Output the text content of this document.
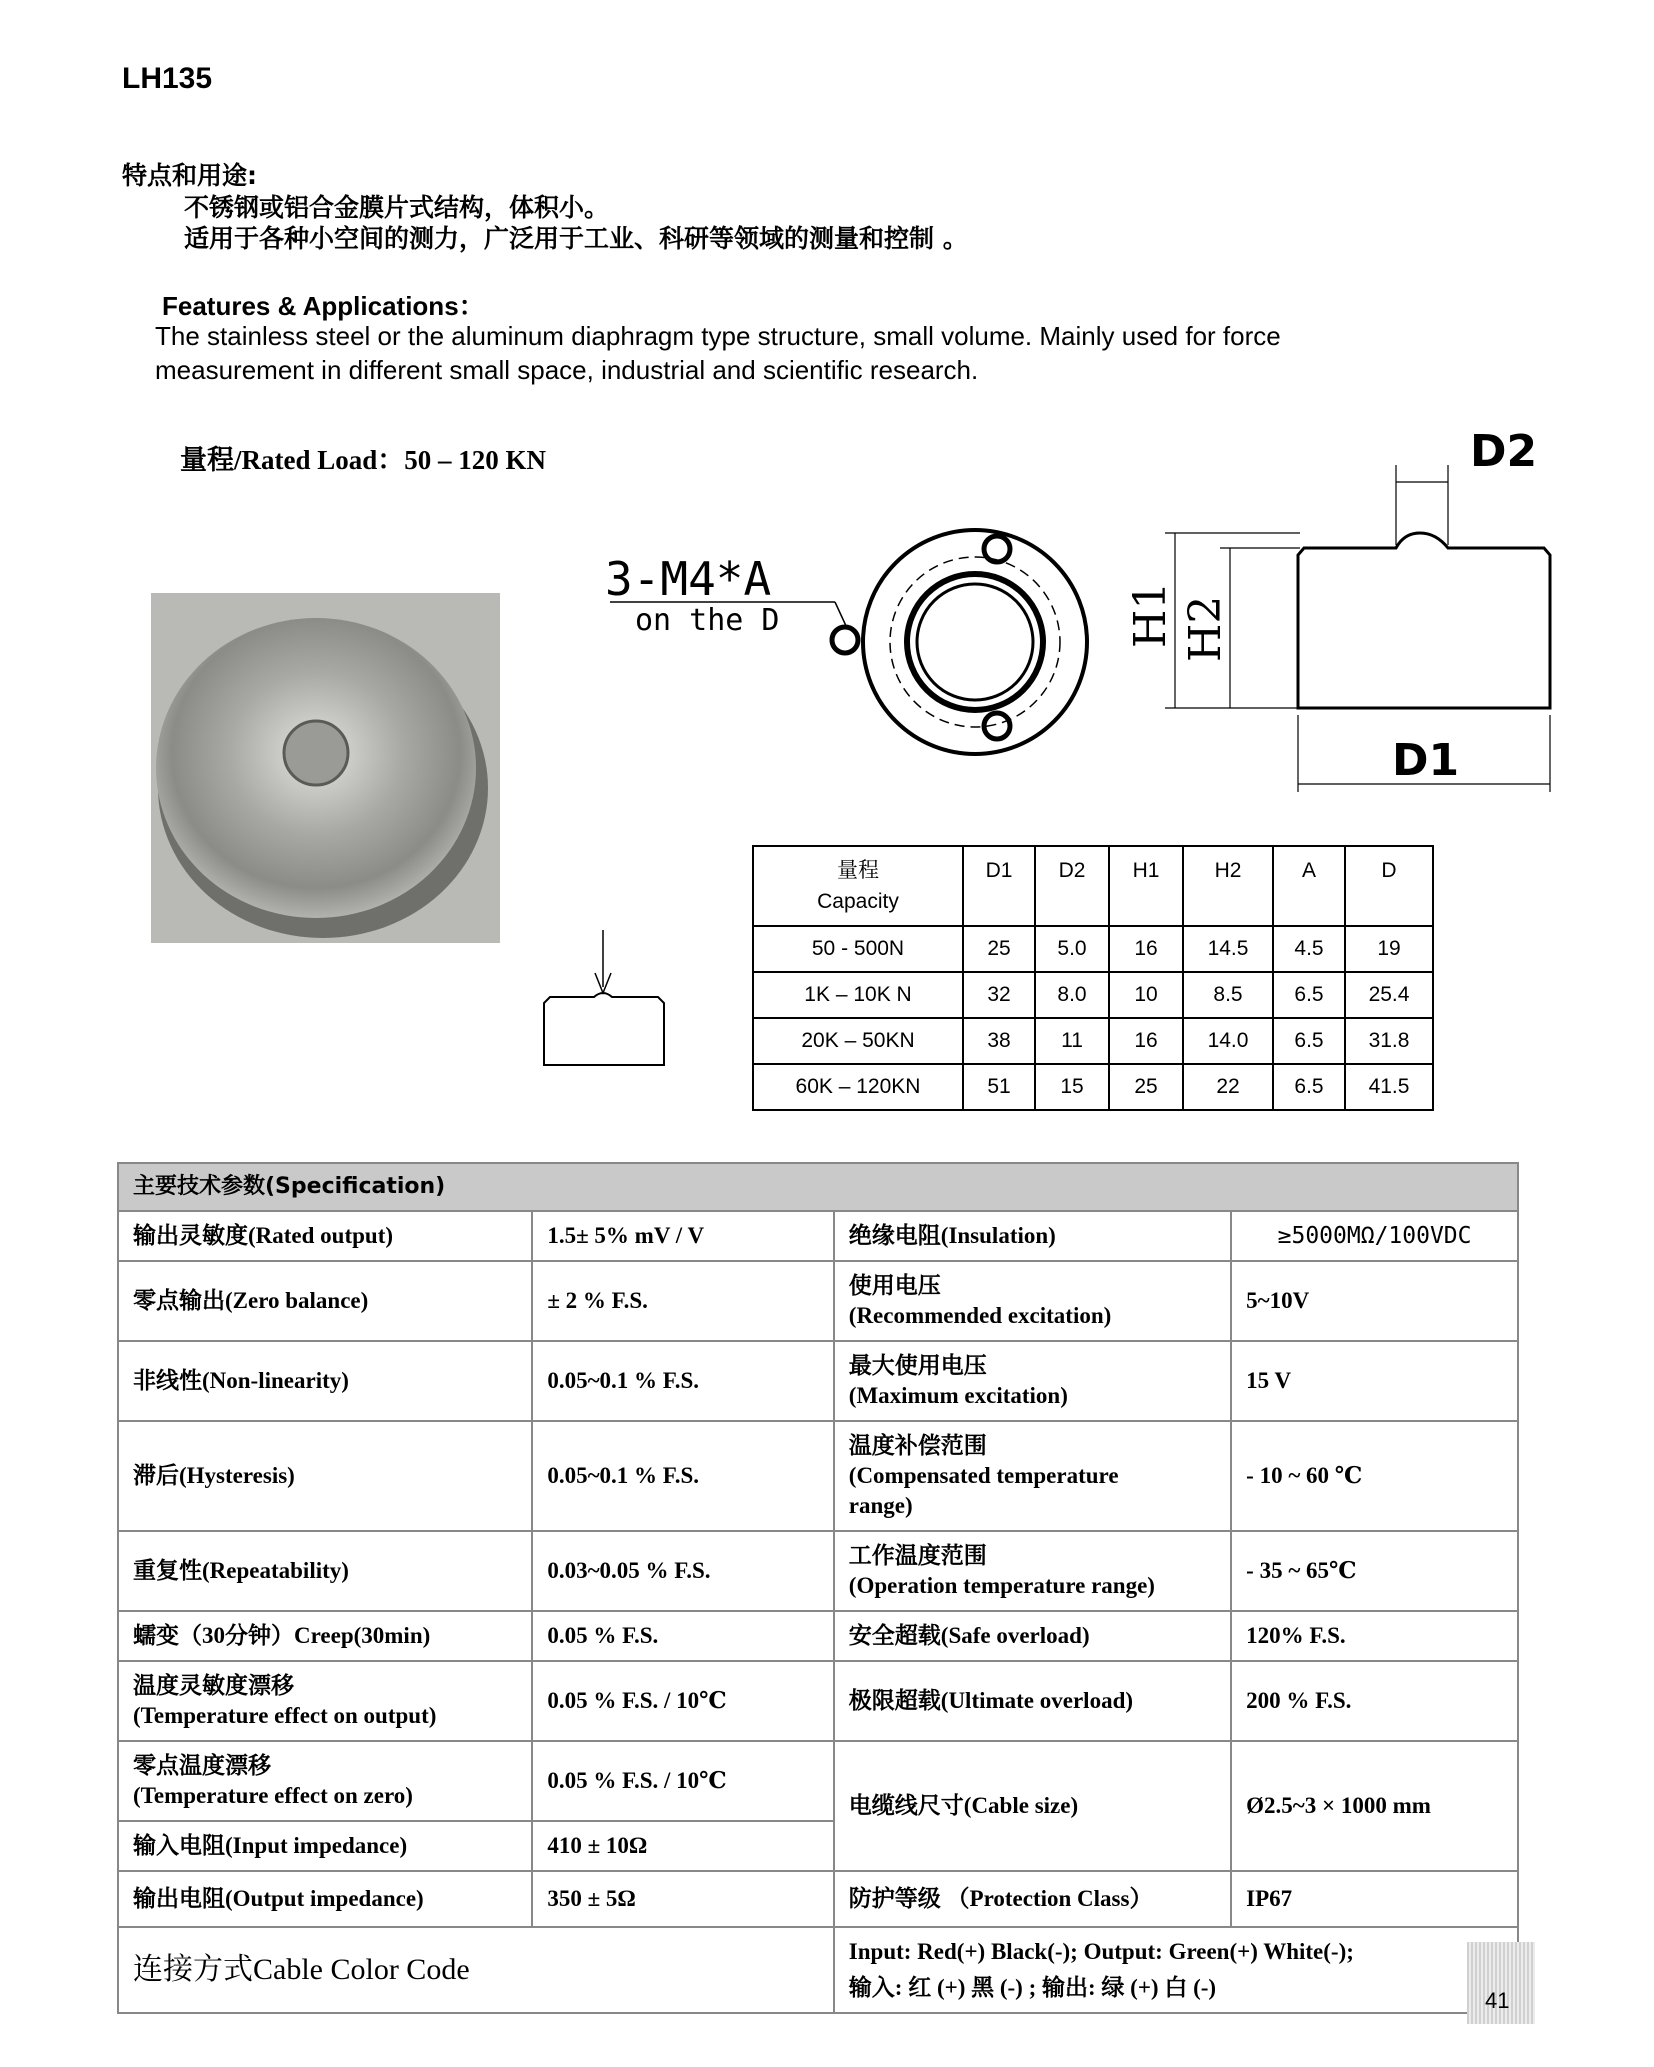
LH135
特点和用途:
不锈钢或铝合金膜片式结构，体积小。
适用于各种小空间的测力，广泛用于工业、科研等领域的测量和控制 。
Features & Applications：
The stainless steel or the aluminum diaphragm type structure, small volume. Mainly used for force
measurement in different small space, industrial and scientific research.
量程/Rated Load：50 – 120 KN
3-M4*A
on the D
D2
H1 H2
D1
量程
Capacity	D1	D2	H1	H2	A	D
50 - 500N	25	5.0	16	14.5	4.5	19
1K – 10K N	32	8.0	10	8.5	6.5	25.4
20K – 50KN	38	11	16	14.0	6.5	31.8
60K – 120KN	51	15	25	22	6.5	41.5
主要技术参数(Specification)			
输出灵敏度(Rated output)	1.5± 5% mV / V	绝缘电阻(Insulation)	≥5000MΩ/100VDC
零点输出(Zero balance)	± 2 % F.S.	使用电压
(Recommended excitation)	5~10V
非线性(Non-linearity)	0.05~0.1 % F.S.	最大使用电压
(Maximum excitation)	15 V
滞后(Hysteresis)	0.05~0.1 % F.S.	温度补偿范围
(Compensated temperature
range)	- 10 ~ 60 ℃
重复性(Repeatability)	0.03~0.05 % F.S.	工作温度范围
(Operation temperature range)	- 35 ~ 65℃
蠕变（30分钟）Creep(30min)	0.05 % F.S.	安全超载(Safe overload)	120% F.S.

温度灵敏度漂移
(Temperature effect on output)	0.05 % F.S. / 10℃	极限超载(Ultimate overload)	200 % F.S.

零点温度漂移
(Temperature effect on zero)	0.05 % F.S. / 10℃	电缆线尺寸(Cable size)	Ø2.5~3 × 1000 mm
输入电阻(Input impedance)	410 ± 10Ω		
输出电阻(Output impedance)	350 ± 5Ω	防护等级 （Protection Class）	IP67
连接方式Cable Color Code		Input: Red(+) Black(-); Output: Green(+) White(-);
输入: 红 (+) 黑 (-) ; 输出: 绿 (+) 白 (-)	
41
